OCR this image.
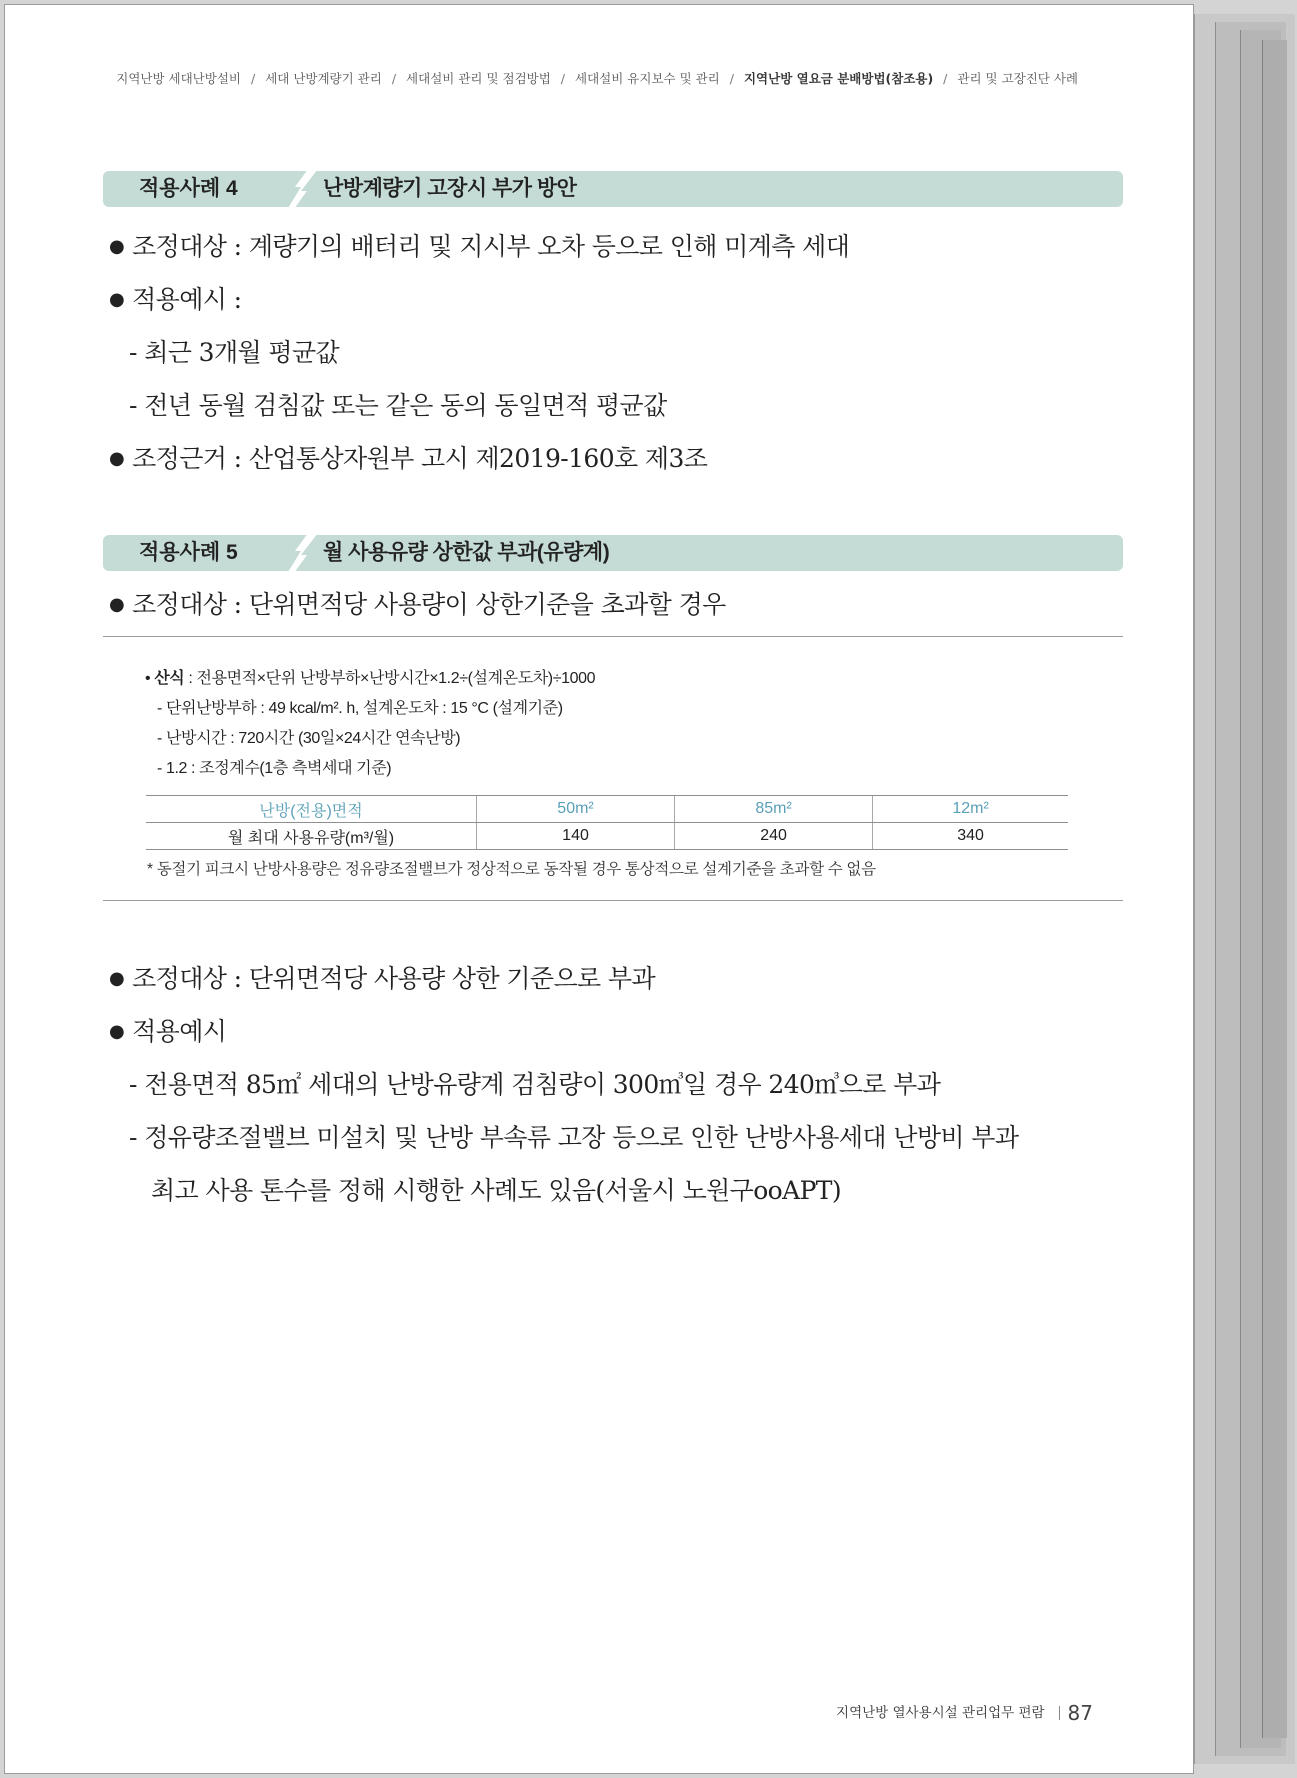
지역난방 세대난방설비 / 세대 난방계량기 관리 / 세대설비 관리 및 점검방법 / 세대설비 유지보수 및 관리 / 지역난방 열요금 분배방법(참조용) / 관리 및 고장진단 사례
적용사례 4	난방계량기 고장시 부가 방안
● 조정대상 : 계량기의 배터리 및 지시부 오차 등으로 인해 미계측 세대
● 적용예시 :
- 최근 3개월 평균값
- 전년 동월 검침값 또는 같은 동의 동일면적 평균값
● 조정근거 : 산업통상자원부 고시 제2019-160호 제3조
적용사례 5	월 사용유량 상한값 부과(유량계)
● 조정대상 : 단위면적당 사용량이 상한기준을 초과할 경우
• 산식 : 전용면적×단위 난방부하×난방시간×1.2÷(설계온도차)÷1000
- 단위난방부하 : 49 kcal/m². h, 설계온도차 : 15 °C (설계기준)
- 난방시간 : 720시간 (30일×24시간 연속난방)
- 1.2 : 조정계수(1층 측벽세대 기준)
난방(전용)면적	50m²	85m²	12m²
월 최대 사용유량(m³/월)	140	240	340
* 동절기 피크시 난방사용량은 정유량조절밸브가 정상적으로 동작될 경우 통상적으로 설계기준을 초과할 수 없음
● 조정대상 : 단위면적당 사용량 상한 기준으로 부과
● 적용예시
- 전용면적 85㎡ 세대의 난방유량계 검침량이 300㎥일 경우 240㎥으로 부과
- 정유량조절밸브 미설치 및 난방 부속류 고장 등으로 인한 난방사용세대 난방비 부과
최고 사용 톤수를 정해 시행한 사례도 있음(서울시 노원구ooAPT)
지역난방 열사용시설 관리업무 편람 87
